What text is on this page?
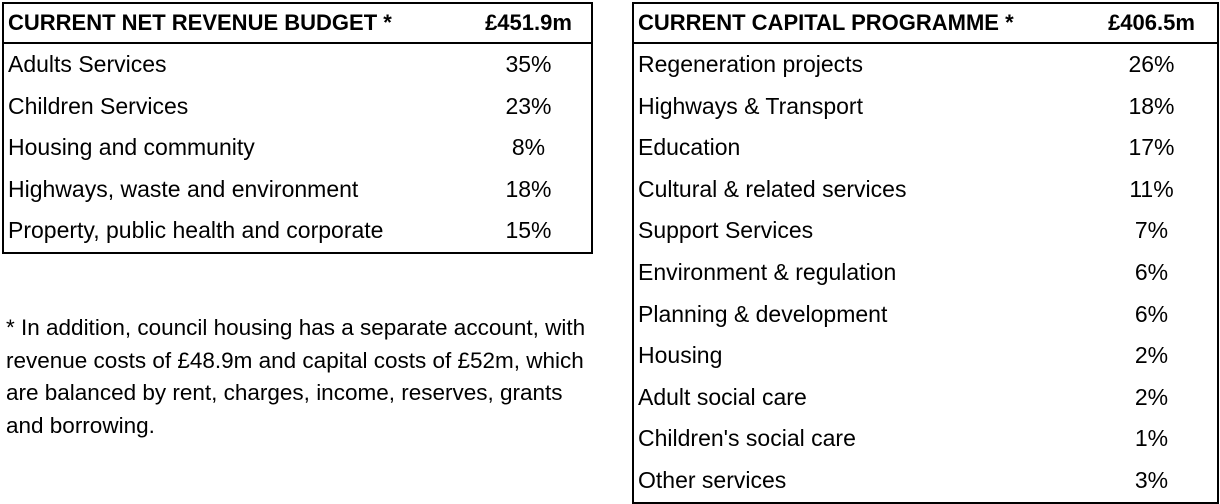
CURRENT NET REVENUE BUDGET *	£451.9m
Adults Services	35%
Children Services	23%
Housing and community	8%
Highways, waste and environment	18%
Property, public health and corporate	15%
* In addition, council housing has a separate account, with revenue costs of £48.9m and capital costs of £52m, which are balanced by rent, charges, income, reserves, grants and borrowing.
CURRENT CAPITAL PROGRAMME *	£406.5m
Regeneration projects	26%
Highways & Transport	18%
Education	17%
Cultural & related services	11%
Support Services	7%
Environment & regulation	6%
Planning & development	6%
Housing	2%
Adult social care	2%
Children's social care	1%
Other services	3%
